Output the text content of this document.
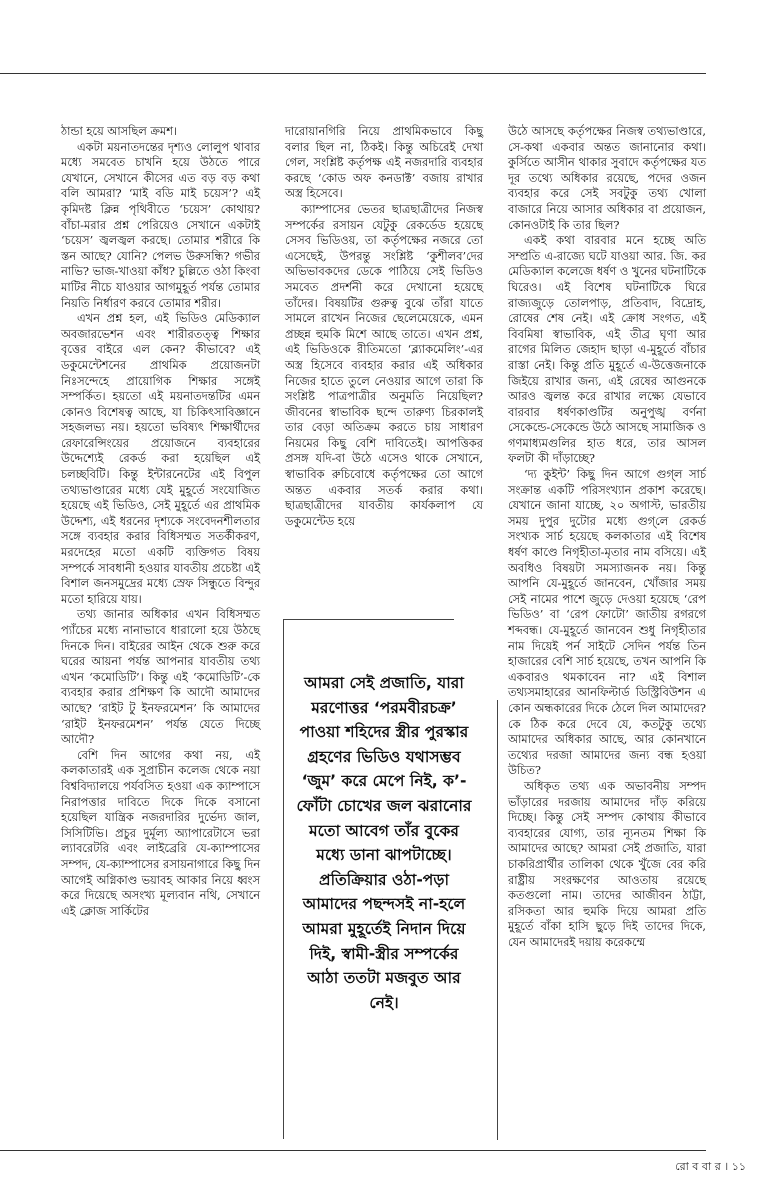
ঠান্ডা হয়ে আসছিল ক্রমশ।

একটা ময়নাতদন্তের দৃশ্যও লোলুপ থাবার মধ্যে সমবেত চাখনি হয়ে উঠতে পারে যেখানে, সেখানে কীসের এত বড় বড় কথা বলি আমরা? ‘মাই বডি মাই চয়েস’? এই কৃমিদষ্ট ক্লিন্ন পৃথিবীতে ‘চয়েস’ কোথায়? বাঁচা-মরার প্রশ্ন পেরিয়েও সেখানে একটাই ‘চয়েস’ জ্বলজ্বল করছে। তোমার শরীরে কি স্তন আছে? যোনি? পেলভ উরুসন্ধি? গভীর নাভি? ভাজ-খাওয়া কাঁধ? চুল্লিতে ওঠা কিংবা মাটির নীচে যাওয়ার আগমুহূর্ত পর্যন্ত তোমার নিয়তি নির্ধারণ করবে তোমার শরীর।

এখন প্রশ্ন হল, এই ভিডিও মেডিক্যাল অবজারভেশন এবং শারীরতত্ত্ব শিক্ষার বৃত্তের বাইরে এল কেন? কীভাবে? এই ডকুমেন্টেশনের প্রাথমিক প্রয়োজনটা নিঃসন্দেহে প্রায়োগিক শিক্ষার সঙ্গেই সম্পর্কিত। হয়তো এই ময়নাতদন্তটির এমন কোনও বিশেষত্ব আছে, যা চিকিৎসাবিজ্ঞানে সহজলভ্য নয়। হয়তো ভবিষ্যৎ শিক্ষার্থীদের রেফারেন্সিংয়ের প্রয়োজনে ব্যবহারের উদ্দেশ্যেই রেকর্ড করা হয়েছিল এই চলচ্ছবিটি। কিন্তু ইন্টারনেটের এই বিপুল তথ্যভাণ্ডারের মধ্যে যেই মুহূর্তে সংযোজিত হয়েছে এই ভিডিও, সেই মুহূর্তে এর প্রাথমিক উদ্দেশ্য, এই ধরনের দৃশ্যকে সংবেদনশীলতার সঙ্গে ব্যবহার করার বিধিসম্মত সতর্কীকরণ, মরদেহের মতো একটি ব্যক্তিগত বিষয় সম্পর্কে সাবধানী হওয়ার যাবতীয় প্রচেষ্টা এই বিশাল জনসমুদ্রের মধ্যে স্রেফ সিন্ধুতে বিন্দুর মতো হারিয়ে যায়।

তথ্য জানার অধিকার এখন বিধিসম্মত প্যাঁচের মধ্যে নানাভাবে ধারালো হয়ে উঠছে দিনকে দিন। বাইরের আইন থেকে শুরু করে ঘরের আয়না পর্যন্ত আপনার যাবতীয় তথ্য এখন ‘কমোডিটি’। কিন্তু এই ‘কমোডিটি’-কে ব্যবহার করার প্রশিক্ষণ কি আদৌ আমাদের আছে? ‘রাইট টু ইনফরমেশন’ কি আমাদের ‘রাইট ইনফরমেশন’ পর্যন্ত যেতে দিচ্ছে আদৌ?

বেশি দিন আগের কথা নয়, এই কলকাতারই এক সুপ্রাচীন কলেজ থেকে নয়া বিশ্ববিদ্যালয়ে পর্যবসিত হওয়া এক ক্যাম্পাসে নিরাপত্তার দাবিতে দিকে দিকে বসানো হয়েছিল যান্ত্রিক নজরদারির দুর্ভেদ্য জাল, সিসিটিভি। প্রচুর দুর্মূল্য অ্যাপারেটাসে ভরা ল্যাবরেটরি এবং লাইব্রেরি যে-ক্যাম্পাসের সম্পদ, যে-ক্যাম্পাসের রসায়নাগারে কিছু দিন আগেই অগ্নিকাণ্ড ভয়াবহ আকার নিয়ে ধ্বংস করে দিয়েছে অসংখ্য মূল্যবান নথি, সেখানে এই ক্লোজ সার্কিটের

দারোয়ানগিরি নিয়ে প্রাথমিকভাবে কিছু বলার ছিল না, ঠিকই। কিন্তু অচিরেই দেখা গেল, সংশ্লিষ্ট কর্তৃপক্ষ এই নজরদারি ব্যবহার করছে ‘কোড অফ কনডাক্ট’ বজায় রাখার অস্ত্র হিসেবে।

ক্যাম্পাসের ভেতর ছাত্রছাত্রীদের নিজস্ব সম্পর্কের রসায়ন যেটুকু রেকর্ডেড হয়েছে সেসব ভিডিওয়, তা কর্তৃপক্ষের নজরে তো এসেছেই, উপরন্তু সংশ্লিষ্ট ‘কুশীলব’দের অভিভাবকদের ডেকে পাঠিয়ে সেই ভিডিও সমবেত প্রদর্শনী করে দেখানো হয়েছে তাঁদের। বিষয়টির গুরুত্ব বুঝে তাঁরা যাতে সামলে রাখেন নিজের ছেলেমেয়েকে, এমন প্রচ্ছন্ন হুমকি মিশে আছে তাতে। এখন প্রশ্ন, এই ভিডিওকে রীতিমতো ‘ব্ল্যাকমেলিং’-এর অস্ত্র হিসেবে ব্যবহার করার এই অধিকার নিজের হাতে তুলে নেওয়ার আগে তারা কি সংশ্লিষ্ট পাত্রপাত্রীর অনুমতি নিয়েছিল? জীবনের স্বাভাবিক ছন্দে তারুণ্য চিরকালই তার বেড়া অতিক্রম করতে চায় সাধারণ নিয়মের কিছু বেশি দাবিতেই। আপত্তিকর প্রসঙ্গ যদি-বা উঠে এসেও থাকে সেখানে, স্বাভাবিক রুচিবোধে কর্তৃপক্ষের তো আগে অন্তত একবার সতর্ক করার কথা। ছাত্রছাত্রীদের যাবতীয় কার্যকলাপ যে ডকুমেন্টেড হয়ে

আমরা সেই প্রজাতি, যারা মরণোত্তর ‘পরমবীরচক্র’ পাওয়া শহিদের স্ত্রীর পুরস্কার গ্রহণের ভিডিও যথাসম্ভব ‘জুম’ করে মেপে নিই, ক’-ফোঁটা চোখের জল ঝরানোর মতো আবেগ তাঁর বুকের মধ্যে ডানা ঝাপটাচ্ছে। প্রতিক্রিয়ার ওঠা-পড়া আমাদের পছন্দসই না-হলে আমরা মুহূর্তেই নিদান দিয়ে দিই, স্বামী-স্ত্রীর সম্পর্কের আঠা ততটা মজবুত আর নেই।

উঠে আসছে কর্তৃপক্ষের নিজস্ব তথ্যভাণ্ডারে, সে-কথা একবার অন্তত জানানোর কথা। কুর্সিতে আসীন থাকার সুবাদে কর্তৃপক্ষের যত দূর তথ্যে অধিকার রয়েছে, পদের ওজন ব্যবহার করে সেই সবটুকু তথ্য খোলা বাজারে নিয়ে আসার অধিকার বা প্রয়োজন, কোনওটাই কি তার ছিল?

একই কথা বারবার মনে হচ্ছে অতি সম্প্রতি এ-রাজ্যে ঘটে যাওয়া আর. জি. কর মেডিক্যাল কলেজে ধর্ষণ ও খুনের ঘটনাটিকে ঘিরেও। এই বিশেষ ঘটনাটিকে ঘিরে রাজ্যজুড়ে তোলপাড়, প্রতিবাদ, বিদ্রোহ, রোষের শেষ নেই। এই ক্রোধ সংগত, এই বিবমিষা স্বাভাবিক, এই তীব্র ঘৃণা আর রাগের মিলিত জেহাদ ছাড়া এ-মুহূর্তে বাঁচার রাস্তা নেই। কিন্তু প্রতি মুহূর্তে এ-উত্তেজনাকে জিইয়ে রাখার জন্য, এই রেষের আগুনকে আরও জ্বলন্ত করে রাখার লক্ষ্যে যেভাবে বারবার ধর্ষণকাণ্ডটির অনুপুঙ্খ বর্ণনা সেকেন্ডে-সেকেন্ডে উঠে আসছে সামাজিক ও গণমাধ্যমগুলির হাত ধরে, তার আসল ফলটা কী দাঁড়াচ্ছে?

‘দ্য কুইন্ট’ কিছু দিন আগে গুগ্‌ল সার্চ সংক্রান্ত একটি পরিসংখ্যান প্রকাশ করেছে। যেখানে জানা যাচ্ছে, ২০ অগাস্ট, ভারতীয় সময় দুপুর দুটোর মধ্যে গুগ্‌লে রেকর্ড সংখ্যক সার্চ হয়েছে কলকাতার এই বিশেষ ধর্ষণ কাণ্ডে নিগৃহীতা-মৃতার নাম বসিয়ে। এই অবধিও বিষয়টা সমস্যাজনক নয়। কিন্তু আপনি যে-মুহূর্তে জানবেন, খোঁজার সময় সেই নামের পাশে জুড়ে দেওয়া হয়েছে ‘রেপ ভিডিও’ বা ‘রেপ ফোটো’ জাতীয় রগরগে শব্দবন্ধ। যে-মুহূর্তে জানবেন শুধু নিগৃহীতার নাম দিয়েই পর্ন সাইটে সেদিন পর্যন্ত তিন হাজারের বেশি সার্চ হয়েছে, তখন আপনি কি একবারও থমকাবেন না? এই বিশাল তথ্যসমাহারের আনফিল্টার্ড ডিস্ট্রিবিউশন এ কোন অন্ধকারের দিকে ঠেলে দিল আমাদের? কে ঠিক করে দেবে যে, কতটুকু তথ্যে আমাদের অধিকার আছে, আর কোনখানে তথ্যের দরজা আমাদের জন্য বন্ধ হওয়া উচিত?

অধিকৃত তথ্য এক অভাবনীয় সম্পদ ভাঁড়ারের দরজায় আমাদের দাঁড় করিয়ে দিচ্ছে। কিন্তু সেই সম্পদ কোথায় কীভাবে ব্যবহারের যোগ্য, তার ন্যূনতম শিক্ষা কি আমাদের আছে? আমরা সেই প্রজাতি, যারা চাকরিপ্রার্থীর তালিকা থেকে খুঁজে বের করি রাষ্ট্রীয় সংরক্ষণের আওতায় রয়েছে কতগুলো নাম। তাদের আজীবন ঠাট্টা, রসিকতা আর হুমকি দিয়ে আমরা প্রতি মুহূর্তে বাঁকা হাসি ছুড়ে দিই তাদের দিকে, যেন আমাদেরই দয়ায় করেকম্মে

রো ব বা র । ১১
